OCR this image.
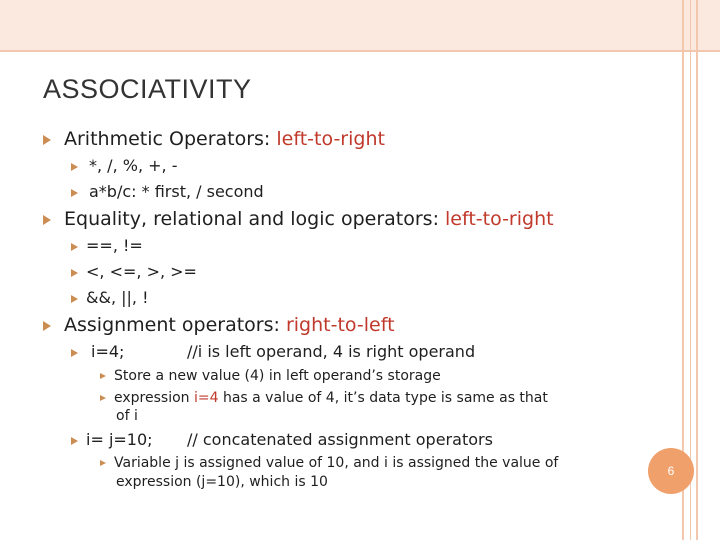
ASSOCIATIVITY
Arithmetic Operators: left-to-right
*, /, %, +, -
a*b/c: * first, / second
Equality, relational and logic operators: left-to-right
==, !=
<, <=, >, >=
&&, ||, !
Assignment operators: right-to-left
i=4;	//i is left operand, 4 is right operand
Store a new value (4) in left operand’s storage
expression i=4 has a value of 4, it’s data type is same as that
of i
i= j=10; // concatenated assignment operators
Variable j is assigned value of 10, and i is assigned the value of
expression (j=10), which is 10
6
